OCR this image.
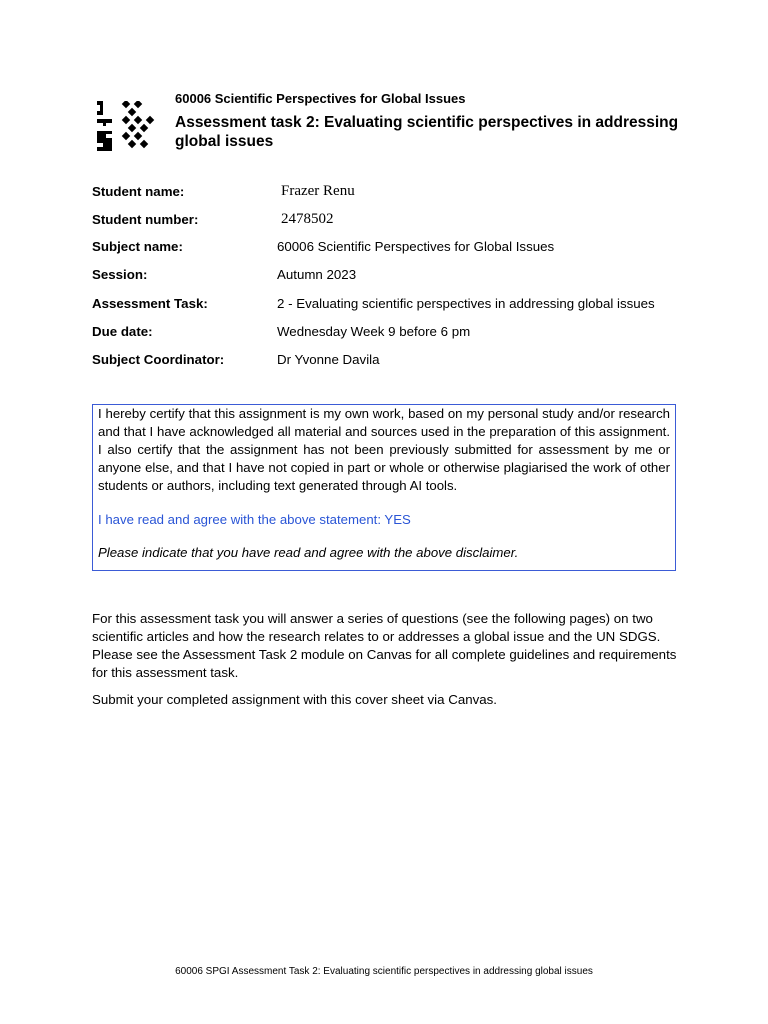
60006 Scientific Perspectives for Global Issues
Assessment task 2: Evaluating scientific perspectives in addressing global issues
Student name:	Frazer Renu
Student number:	2478502
Subject name:	60006 Scientific Perspectives for Global Issues
Session:	Autumn 2023
Assessment Task:	2 - Evaluating scientific perspectives in addressing global issues
Due date:	Wednesday Week 9 before 6 pm
Subject Coordinator:	Dr Yvonne Davila

I hereby certify that this assignment is my own work, based on my personal study and/or research and that I have acknowledged all material and sources used in the preparation of this assignment. I also certify that the assignment has not been previously submitted for assessment by me or anyone else, and that I have not copied in part or whole or otherwise plagiarised the work of other students or authors, including text generated through AI tools.

I have read and agree with the above statement: YES

Please indicate that you have read and agree with the above disclaimer.

For this assessment task you will answer a series of questions (see the following pages) on two scientific articles and how the research relates to or addresses a global issue and the UN SDGS. Please see the Assessment Task 2 module on Canvas for all complete guidelines and requirements for this assessment task.

Submit your completed assignment with this cover sheet via Canvas.

60006 SPGI Assessment Task 2: Evaluating scientific perspectives in addressing global issues
